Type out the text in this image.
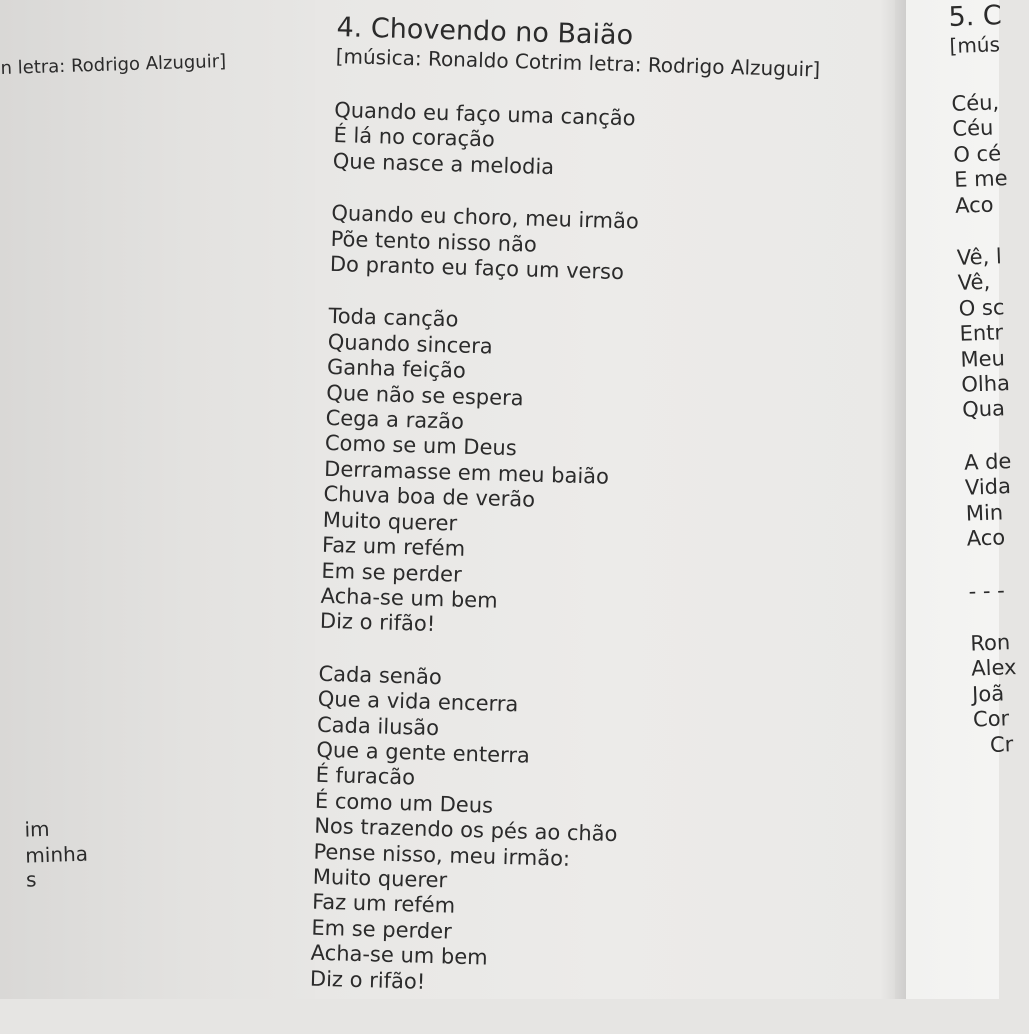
n letra: Rodrigo Alzuguir]
im
minha
s
4. Chovendo no Baião
[música: Ronaldo Cotrim letra: Rodrigo Alzuguir]
Quando eu faço uma canção
É lá no coração
Que nasce a melodia
Quando eu choro, meu irmão
Põe tento nisso não
Do pranto eu faço um verso
Toda canção
Quando sincera
Ganha feição
Que não se espera
Cega a razão
Como se um Deus
Derramasse em meu baião
Chuva boa de verão
Muito querer
Faz um refém
Em se perder
Acha-se um bem
Diz o rifão!
Cada senão
Que a vida encerra
Cada ilusão
Que a gente enterra
É furacão
É como um Deus
Nos trazendo os pés ao chão
Pense nisso, meu irmão:
Muito querer
Faz um refém
Em se perder
Acha-se um bem
Diz o rifão!
5. C
[mús
Céu,
Céu
O cé
E me
Aco
Vê, l
Vê,
O sc
Entr
Meu
Olha
Qua
A de
Vida
Min
Aco
- - -
Ron
Alex
Joã
Cor
Cr
